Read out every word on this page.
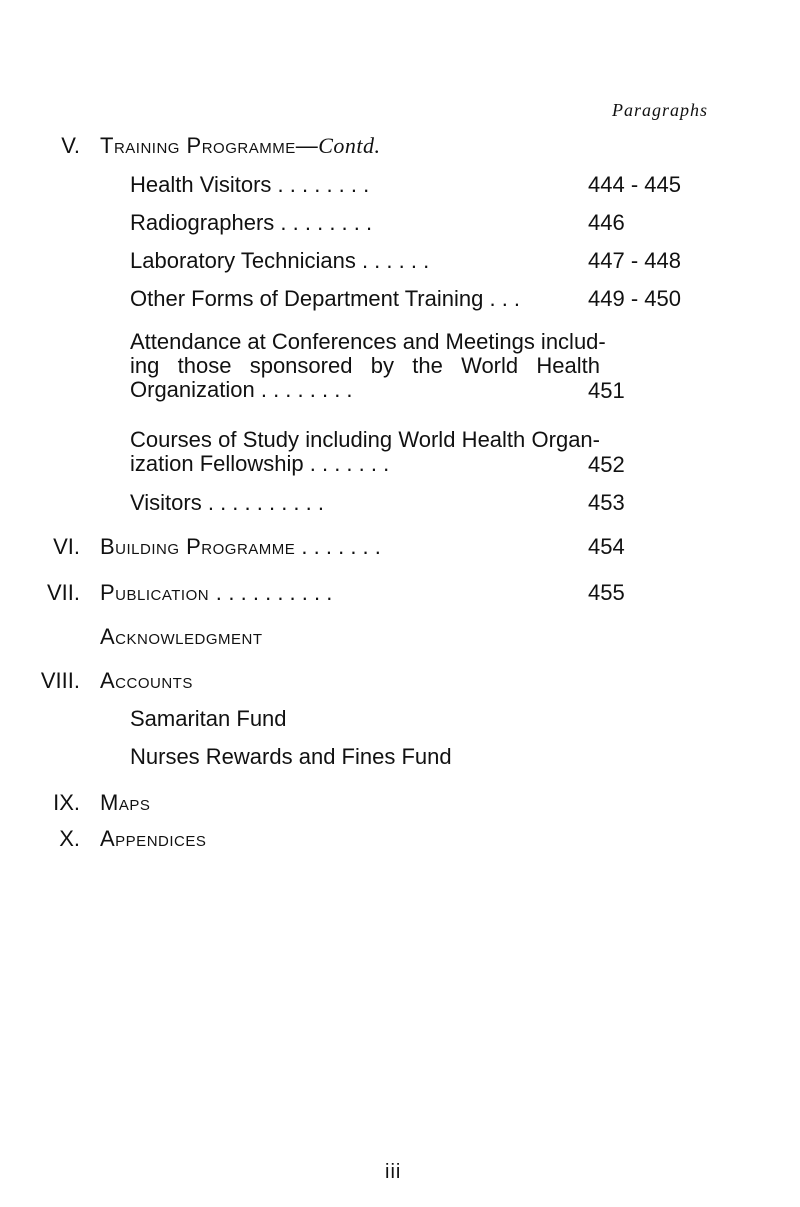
Paragraphs
V. Training Programme—Contd.
Health Visitors . . . . . . . .	444 - 445
Radiographers . . . . . . . .	446
Laboratory Technicians . . . . . .	447 - 448
Other Forms of Department Training . . .	449 - 450
Attendance at Conferences and Meetings includ-
ing those sponsored by the World Health
Organization . . . . . . . .	451
Courses of Study including World Health Organ-
ization Fellowship . . . . . . .	452
Visitors . . . . . . . . . .	453
VI. Building Programme . . . . . . .	454
VII. Publication . . . . . . . . . .	455
Acknowledgment
VIII. Accounts
Samaritan Fund
Nurses Rewards and Fines Fund
IX. Maps
X. Appendices
iii
